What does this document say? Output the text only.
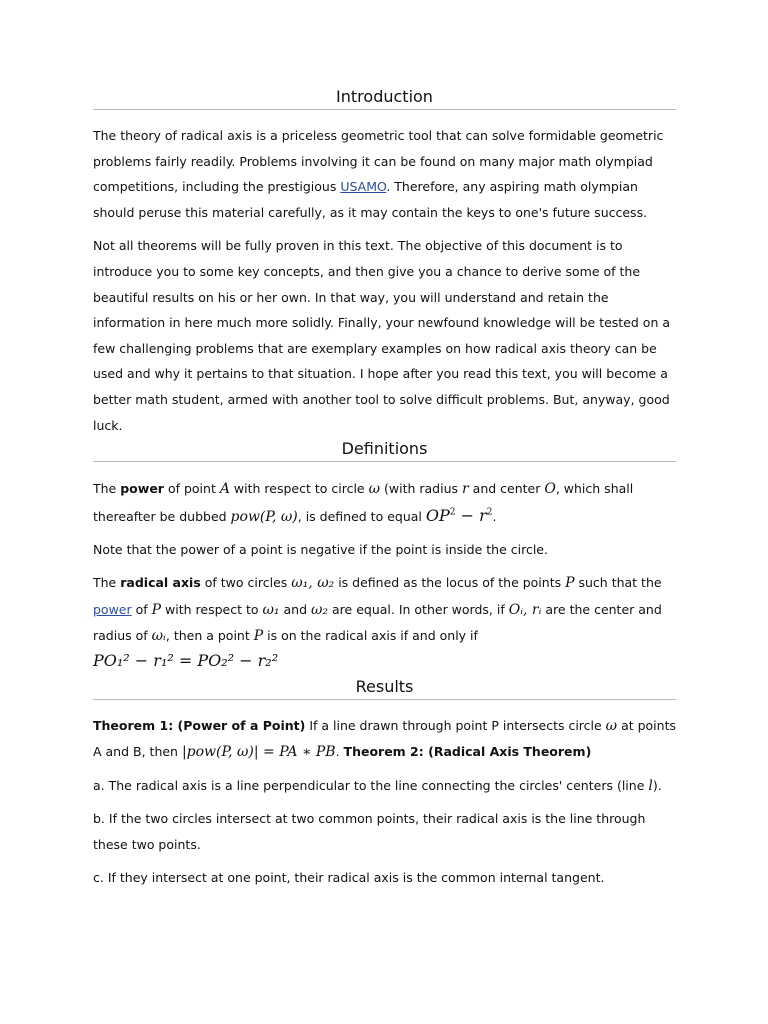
Introduction

The theory of radical axis is a priceless geometric tool that can solve formidable geometric problems fairly readily. Problems involving it can be found on many major math olympiad competitions, including the prestigious USAMO. Therefore, any aspiring math olympian should peruse this material carefully, as it may contain the keys to one's future success.

Not all theorems will be fully proven in this text. The objective of this document is to introduce you to some key concepts, and then give you a chance to derive some of the beautiful results on his or her own. In that way, you will understand and retain the information in here much more solidly. Finally, your newfound knowledge will be tested on a few challenging problems that are exemplary examples on how radical axis theory can be used and why it pertains to that situation. I hope after you read this text, you will become a better math student, armed with another tool to solve difficult problems. But, anyway, good luck.

Definitions

The power of point A with respect to circle ω (with radius r and center O, which shall thereafter be dubbed pow(P, ω), is defined to equal $OP^2 - r^2$.

Note that the power of a point is negative if the point is inside the circle.

The radical axis of two circles ω₁, ω₂ is defined as the locus of the points P such that the power of P with respect to ω₁ and ω₂ are equal. In other words, if Oᵢ, rᵢ are the center and radius of ωᵢ, then a point P is on the radical axis if and only if

PO₁² − r₁² = PO₂² − r₂²

Results

Theorem 1: (Power of a Point) If a line drawn through point P intersects circle ω at points A and B, then |pow(P, ω)| = PA ∗ PB. Theorem 2: (Radical Axis Theorem)

a. The radical axis is a line perpendicular to the line connecting the circles' centers (line l).

b. If the two circles intersect at two common points, their radical axis is the line through these two points.

c. If they intersect at one point, their radical axis is the common internal tangent.
